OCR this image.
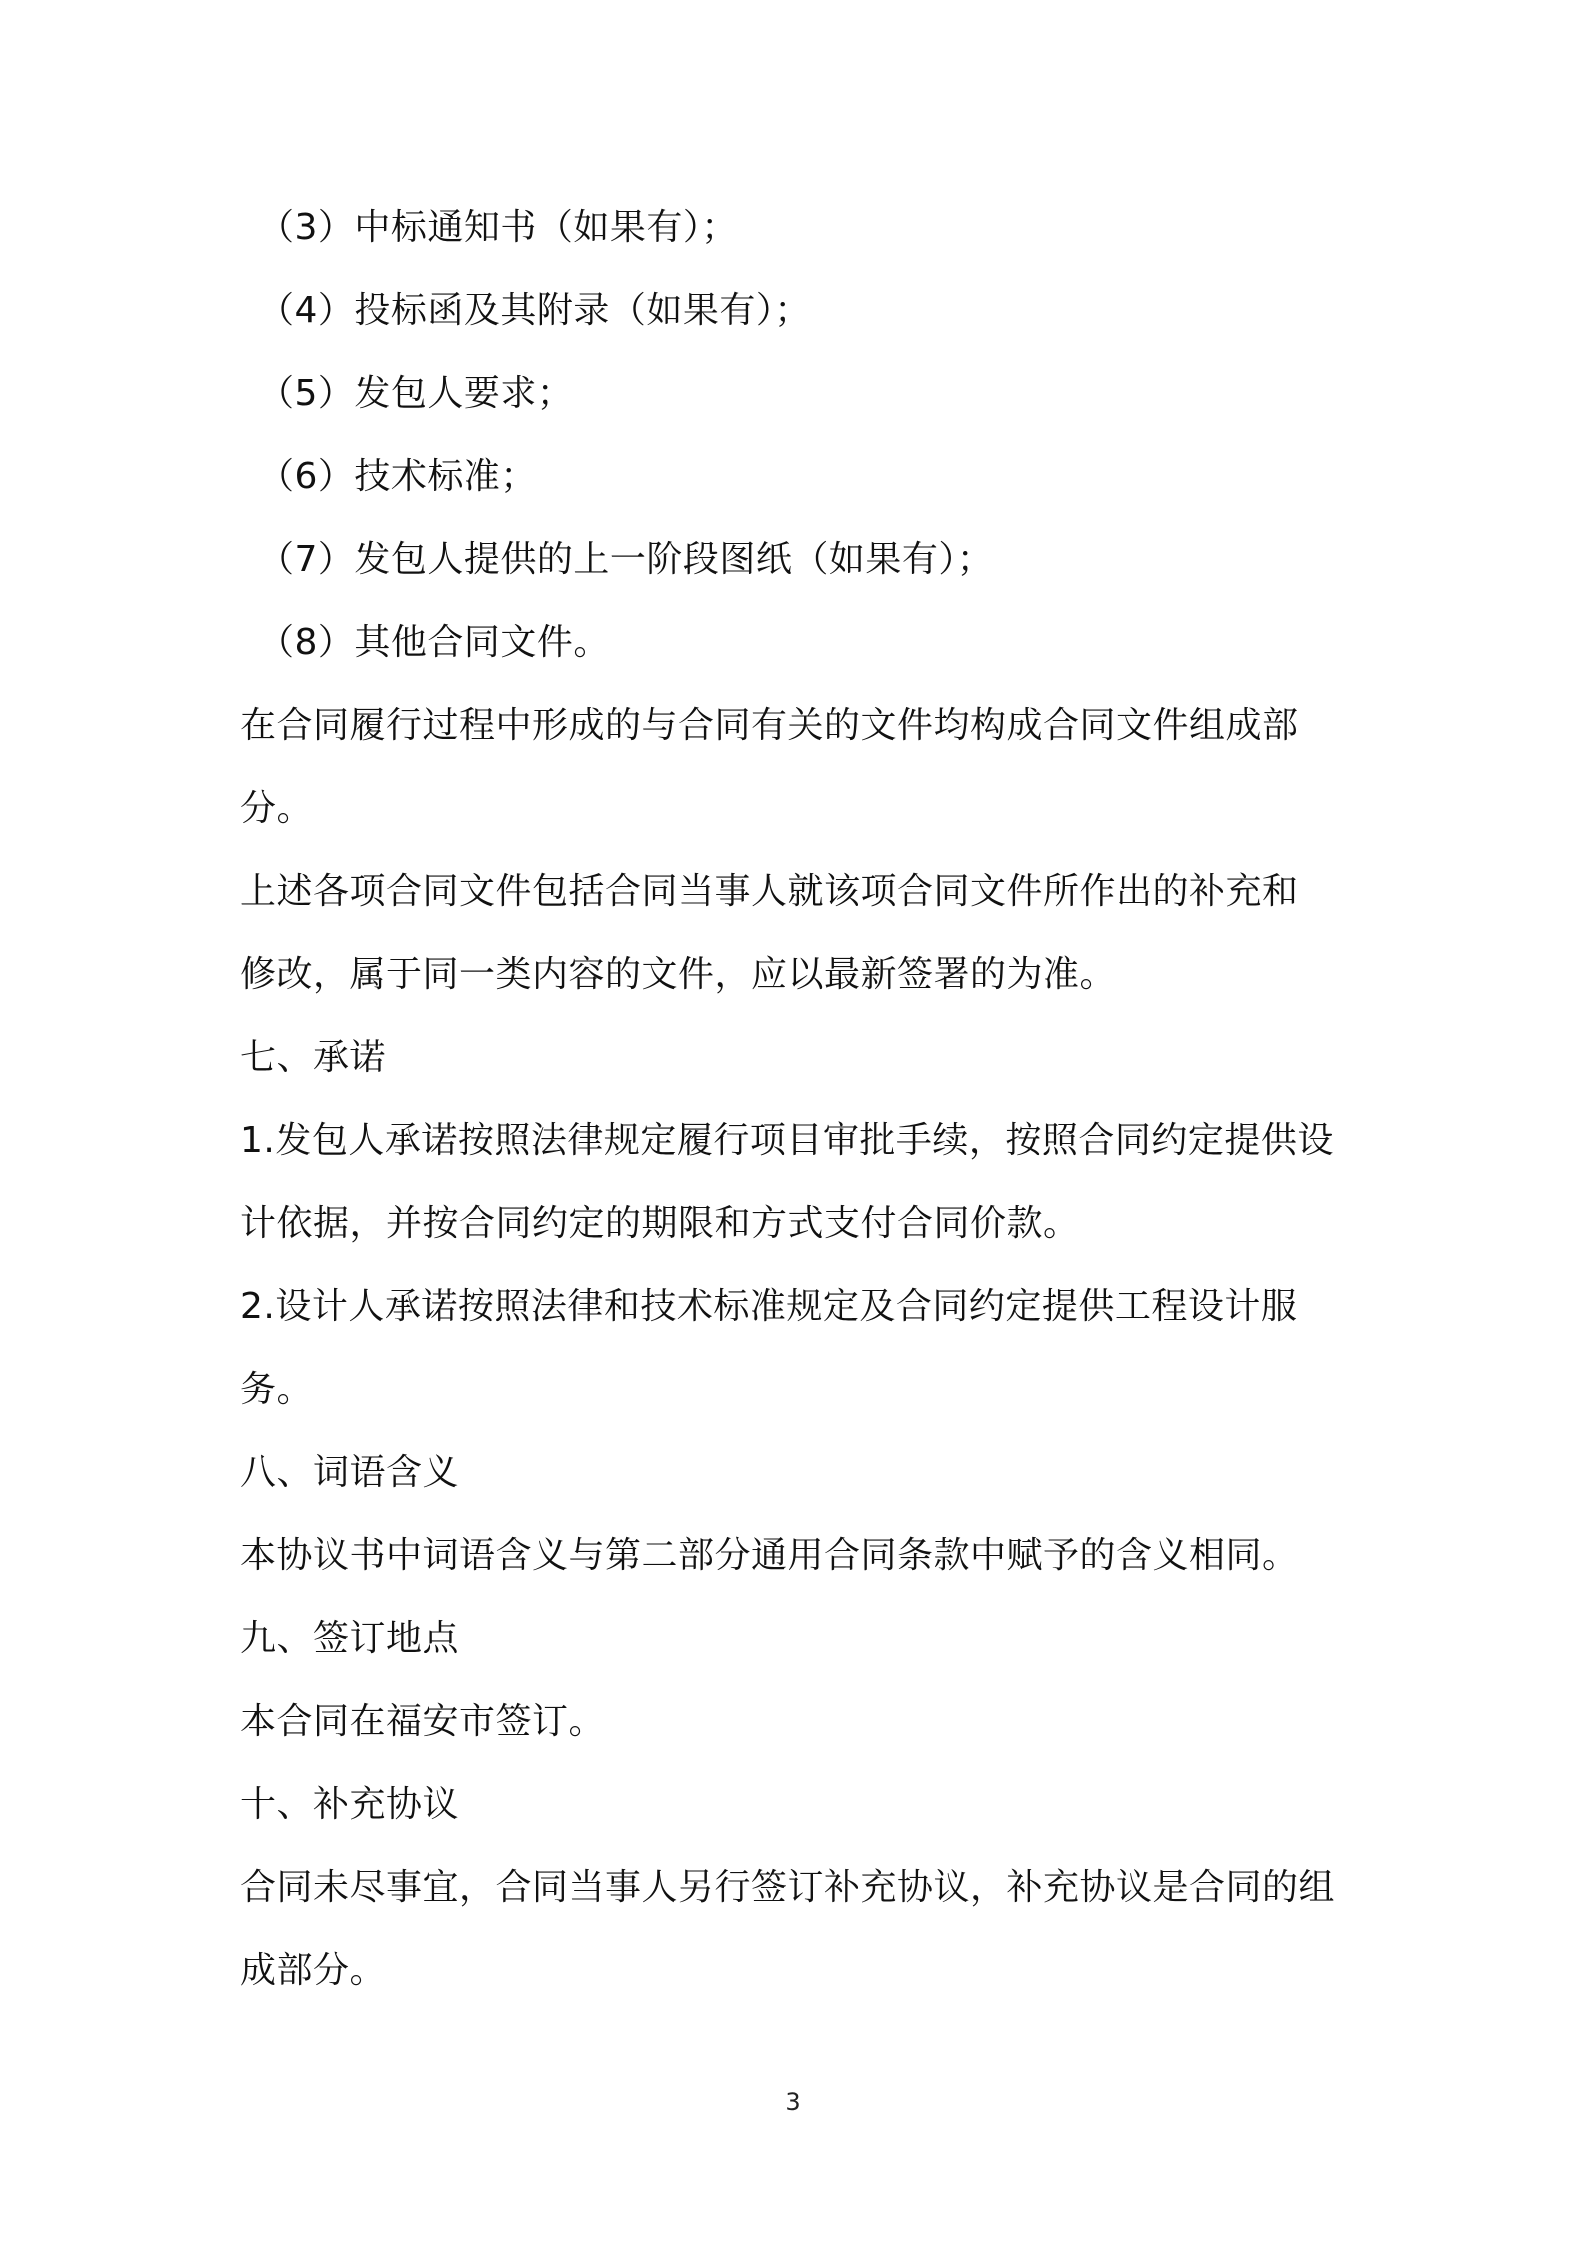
（3）中标通知书（如果有）；
（4）投标函及其附录（如果有）；
（5）发包人要求；
（6）技术标准；
（7）发包人提供的上一阶段图纸（如果有）；
（8）其他合同文件。
在合同履行过程中形成的与合同有关的文件均构成合同文件组成部
分。
上述各项合同文件包括合同当事人就该项合同文件所作出的补充和
修改，属于同一类内容的文件，应以最新签署的为准。
七、承诺
1.发包人承诺按照法律规定履行项目审批手续，按照合同约定提供设
计依据，并按合同约定的期限和方式支付合同价款。
2.设计人承诺按照法律和技术标准规定及合同约定提供工程设计服
务。
八、词语含义
本协议书中词语含义与第二部分通用合同条款中赋予的含义相同。
九、签订地点
本合同在福安市签订。
十、补充协议
合同未尽事宜，合同当事人另行签订补充协议，补充协议是合同的组
成部分。
3
